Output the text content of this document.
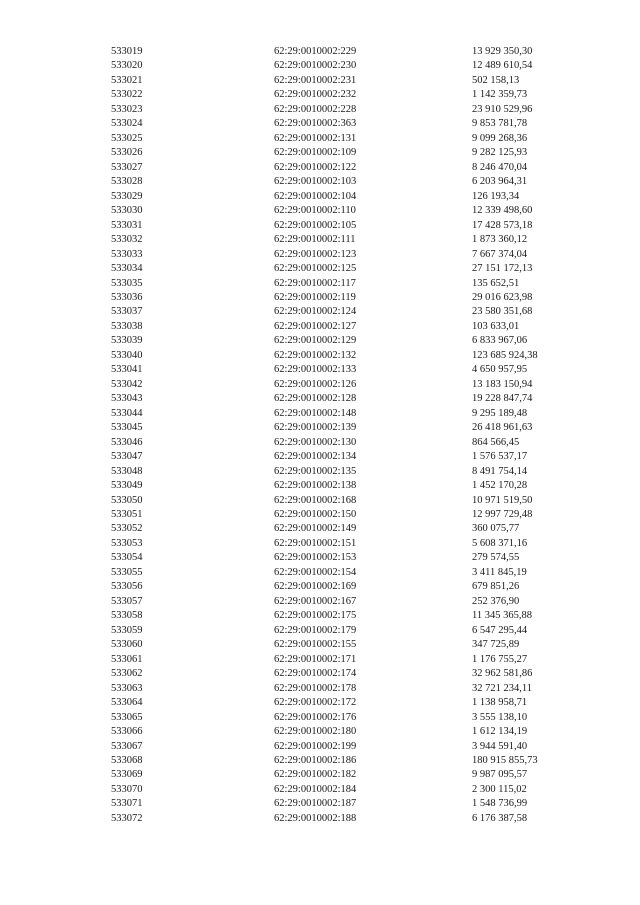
533019	62:29:0010002:229	13 929 350,30
533020	62:29:0010002:230	12 489 610,54
533021	62:29:0010002:231	502 158,13
533022	62:29:0010002:232	1 142 359,73
533023	62:29:0010002:228	23 910 529,96
533024	62:29:0010002:363	9 853 781,78
533025	62:29:0010002:131	9 099 268,36
533026	62:29:0010002:109	9 282 125,93
533027	62:29:0010002:122	8 246 470,04
533028	62:29:0010002:103	6 203 964,31
533029	62:29:0010002:104	126 193,34
533030	62:29:0010002:110	12 339 498,60
533031	62:29:0010002:105	17 428 573,18
533032	62:29:0010002:111	1 873 360,12
533033	62:29:0010002:123	7 667 374,04
533034	62:29:0010002:125	27 151 172,13
533035	62:29:0010002:117	135 652,51
533036	62:29:0010002:119	29 016 623,98
533037	62:29:0010002:124	23 580 351,68
533038	62:29:0010002:127	103 633,01
533039	62:29:0010002:129	6 833 967,06
533040	62:29:0010002:132	123 685 924,38
533041	62:29:0010002:133	4 650 957,95
533042	62:29:0010002:126	13 183 150,94
533043	62:29:0010002:128	19 228 847,74
533044	62:29:0010002:148	9 295 189,48
533045	62:29:0010002:139	26 418 961,63
533046	62:29:0010002:130	864 566,45
533047	62:29:0010002:134	1 576 537,17
533048	62:29:0010002:135	8 491 754,14
533049	62:29:0010002:138	1 452 170,28
533050	62:29:0010002:168	10 971 519,50
533051	62:29:0010002:150	12 997 729,48
533052	62:29:0010002:149	360 075,77
533053	62:29:0010002:151	5 608 371,16
533054	62:29:0010002:153	279 574,55
533055	62:29:0010002:154	3 411 845,19
533056	62:29:0010002:169	679 851,26
533057	62:29:0010002:167	252 376,90
533058	62:29:0010002:175	11 345 365,88
533059	62:29:0010002:179	6 547 295,44
533060	62:29:0010002:155	347 725,89
533061	62:29:0010002:171	1 176 755,27
533062	62:29:0010002:174	32 962 581,86
533063	62:29:0010002:178	32 721 234,11
533064	62:29:0010002:172	1 138 958,71
533065	62:29:0010002:176	3 555 138,10
533066	62:29:0010002:180	1 612 134,19
533067	62:29:0010002:199	3 944 591,40
533068	62:29:0010002:186	180 915 855,73
533069	62:29:0010002:182	9 987 095,57
533070	62:29:0010002:184	2 300 115,02
533071	62:29:0010002:187	1 548 736,99
533072	62:29:0010002:188	6 176 387,58
